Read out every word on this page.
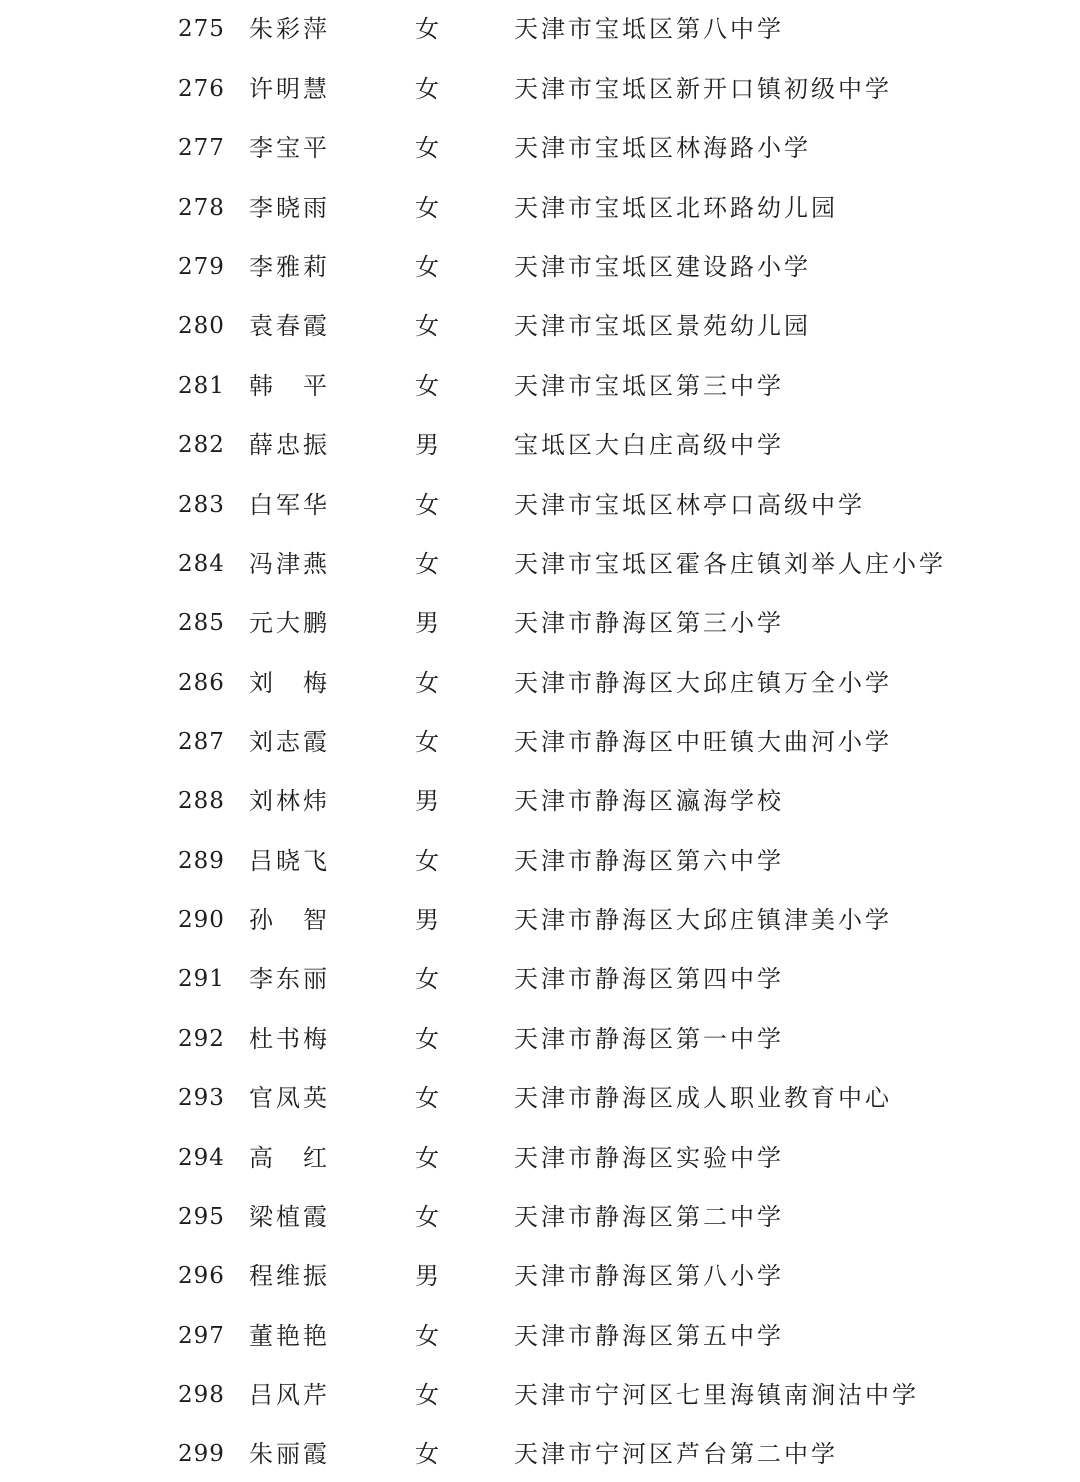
275 朱彩萍	女	天津市宝坻区第八中学
276 许明慧	女	天津市宝坻区新开口镇初级中学
277 李宝平	女	天津市宝坻区林海路小学
278 李晓雨	女	天津市宝坻区北环路幼儿园
279 李雅莉	女	天津市宝坻区建设路小学
280 袁春霞	女	天津市宝坻区景苑幼儿园
281 韩　平	女	天津市宝坻区第三中学
282 薛忠振	男	宝坻区大白庄高级中学
283 白军华	女	天津市宝坻区林亭口高级中学
284 冯津燕	女	天津市宝坻区霍各庄镇刘举人庄小学
285 元大鹏	男	天津市静海区第三小学
286 刘　梅	女	天津市静海区大邱庄镇万全小学
287 刘志霞	女	天津市静海区中旺镇大曲河小学
288 刘林炜	男	天津市静海区瀛海学校
289 吕晓飞	女	天津市静海区第六中学
290 孙　智	男	天津市静海区大邱庄镇津美小学
291 李东丽	女	天津市静海区第四中学
292 杜书梅	女	天津市静海区第一中学
293 官凤英	女	天津市静海区成人职业教育中心
294 高　红	女	天津市静海区实验中学
295 梁植霞	女	天津市静海区第二中学
296 程维振	男	天津市静海区第八小学
297 董艳艳	女	天津市静海区第五中学
298 吕风芹	女	天津市宁河区七里海镇南涧沽中学
299 朱丽霞	女	天津市宁河区芦台第二中学
